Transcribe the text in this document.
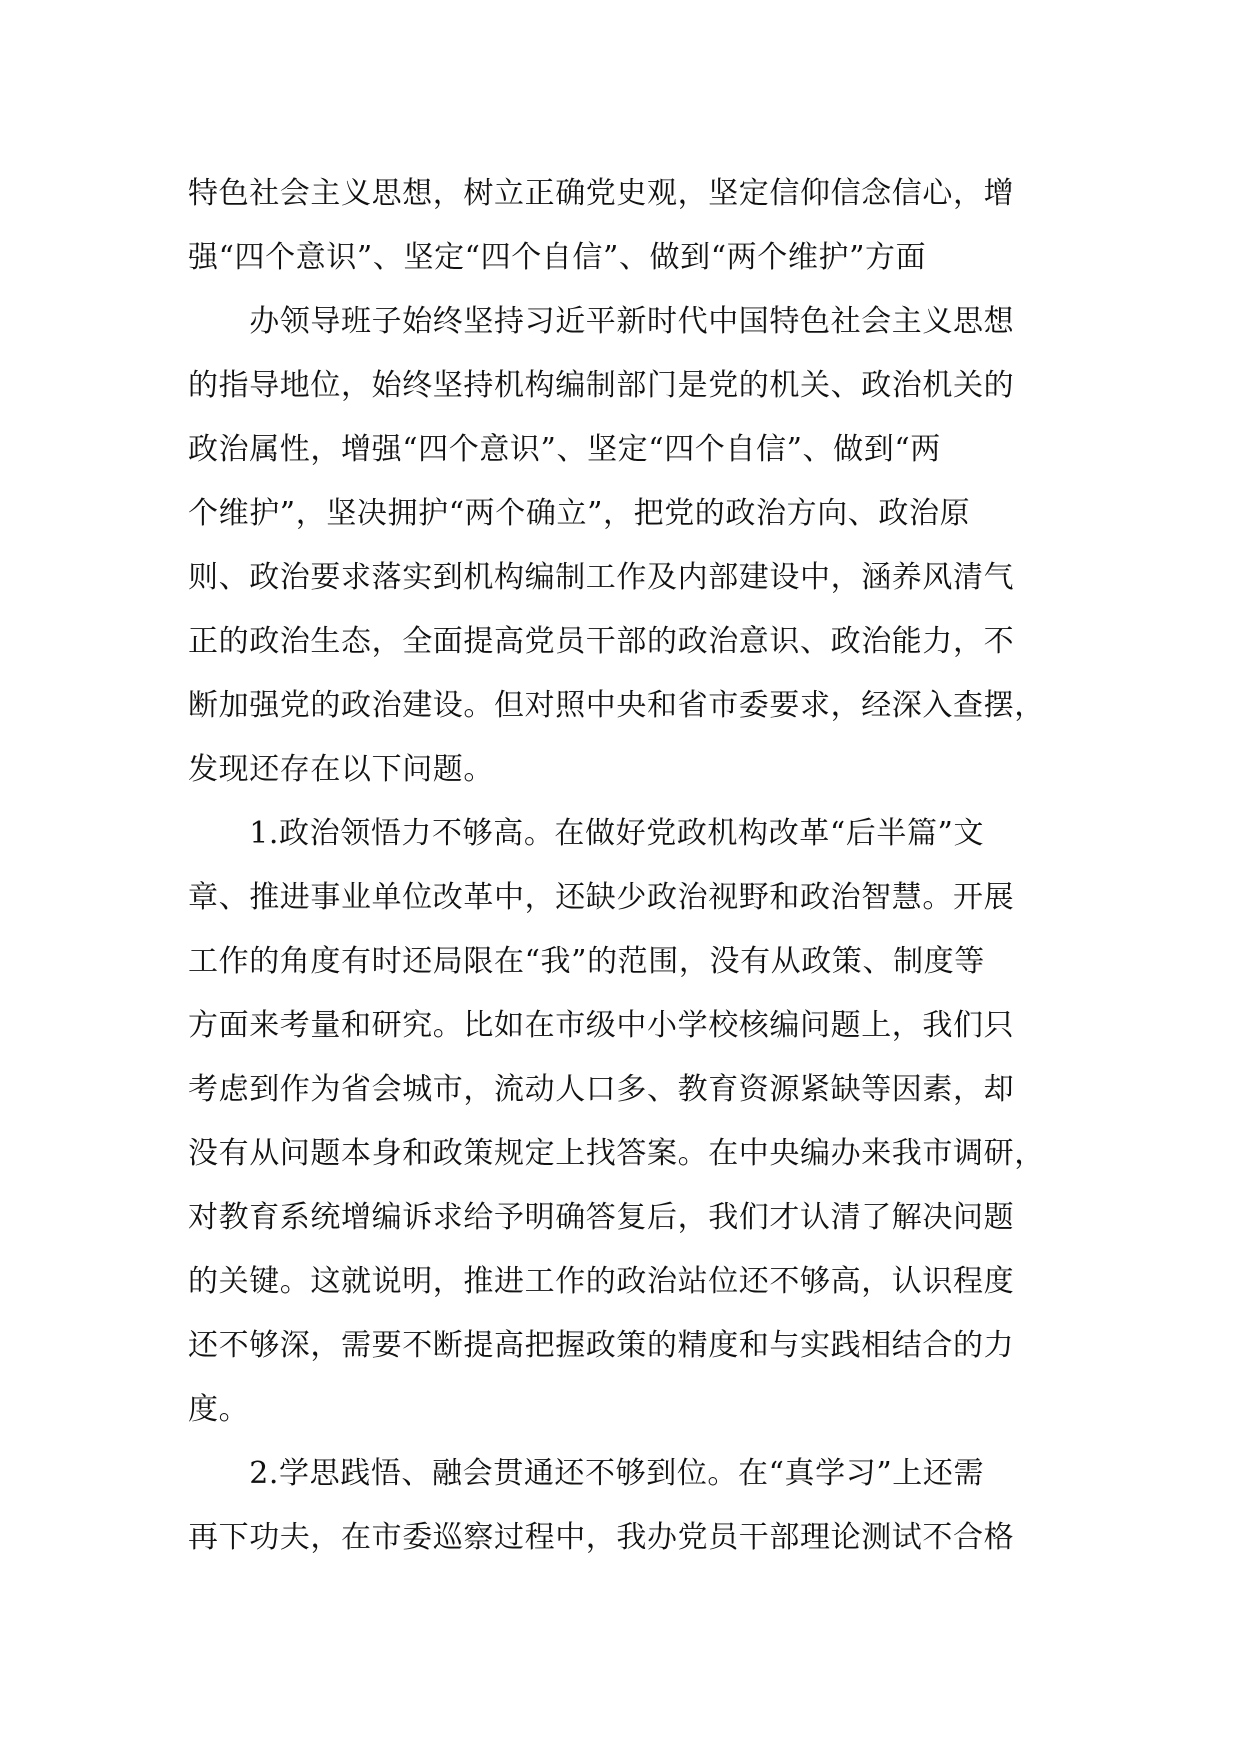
特色社会主义思想，树立正确党史观，坚定信仰信念信心，增
强“四个意识”、坚定“四个自信”、做到“两个维护”方面
　　办领导班子始终坚持习近平新时代中国特色社会主义思想
的指导地位，始终坚持机构编制部门是党的机关、政治机关的
政治属性，增强“四个意识”、坚定“四个自信”、做到“两
个维护”，坚决拥护“两个确立”，把党的政治方向、政治原
则、政治要求落实到机构编制工作及内部建设中，涵养风清气
正的政治生态，全面提高党员干部的政治意识、政治能力，不
断加强党的政治建设。但对照中央和省市委要求，经深入查摆，
发现还存在以下问题。
　　1.政治领悟力不够高。在做好党政机构改革“后半篇”文
章、推进事业单位改革中，还缺少政治视野和政治智慧。开展
工作的角度有时还局限在“我”的范围，没有从政策、制度等
方面来考量和研究。比如在市级中小学校核编问题上，我们只
考虑到作为省会城市，流动人口多、教育资源紧缺等因素，却
没有从问题本身和政策规定上找答案。在中央编办来我市调研，
对教育系统增编诉求给予明确答复后，我们才认清了解决问题
的关键。这就说明，推进工作的政治站位还不够高，认识程度
还不够深，需要不断提高把握政策的精度和与实践相结合的力
度。
　　2.学思践悟、融会贯通还不够到位。在“真学习”上还需
再下功夫，在市委巡察过程中，我办党员干部理论测试不合格
